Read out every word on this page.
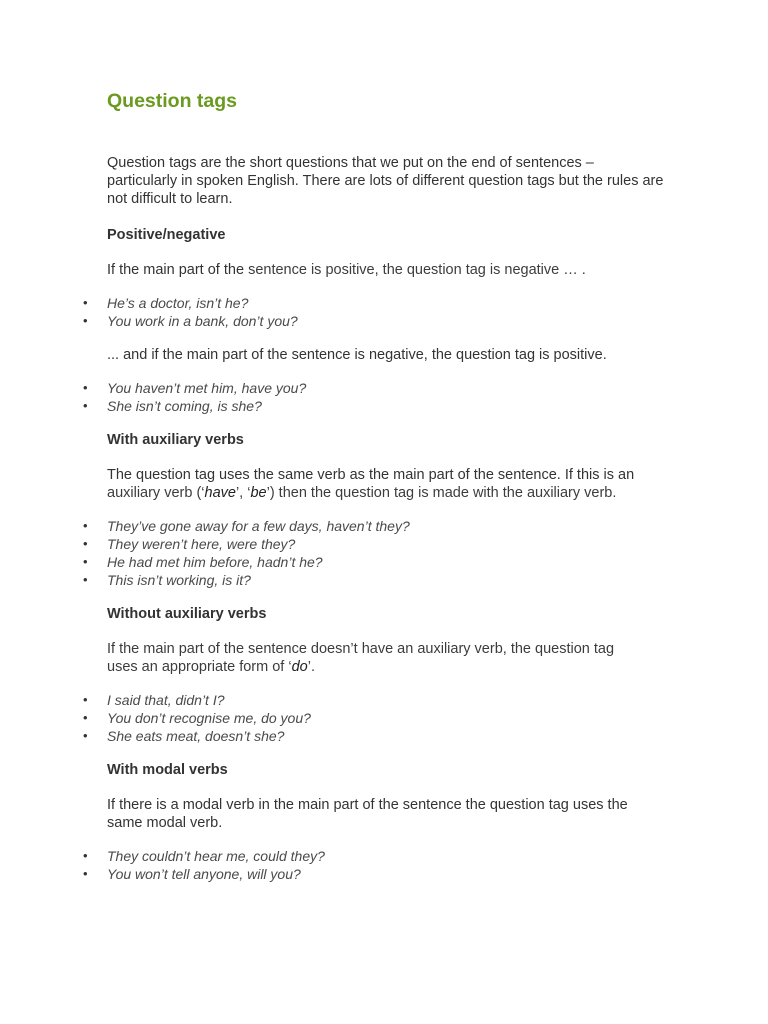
Question tags

Question tags are the short questions that we put on the end of sentences – particularly in spoken English. There are lots of different question tags but the rules are not difficult to learn.

Positive/negative

If the main part of the sentence is positive, the question tag is negative … .

• He’s a doctor, isn’t he?
• You work in a bank, don’t you?

... and if the main part of the sentence is negative, the question tag is positive.

• You haven’t met him, have you?
• She isn’t coming, is she?
With auxiliary verbs

The question tag uses the same verb as the main part of the sentence. If this is an
auxiliary verb (‘have’, ‘be’) then the question tag is made with the auxiliary verb.

• They’ve gone away for a few days, haven’t they?
• They weren’t here, were they?
• He had met him before, hadn’t he?
• This isn’t working, is it?
Without auxiliary verbs

If the main part of the sentence doesn’t have an auxiliary verb, the question tag uses an appropriate form of ‘do’.

• I said that, didn’t I?
• You don’t recognise me, do you?
• She eats meat, doesn’t she?
With modal verbs

If there is a modal verb in the main part of the sentence the question tag uses the same modal verb.

• They couldn’t hear me, could they?
• You won’t tell anyone, will you?
